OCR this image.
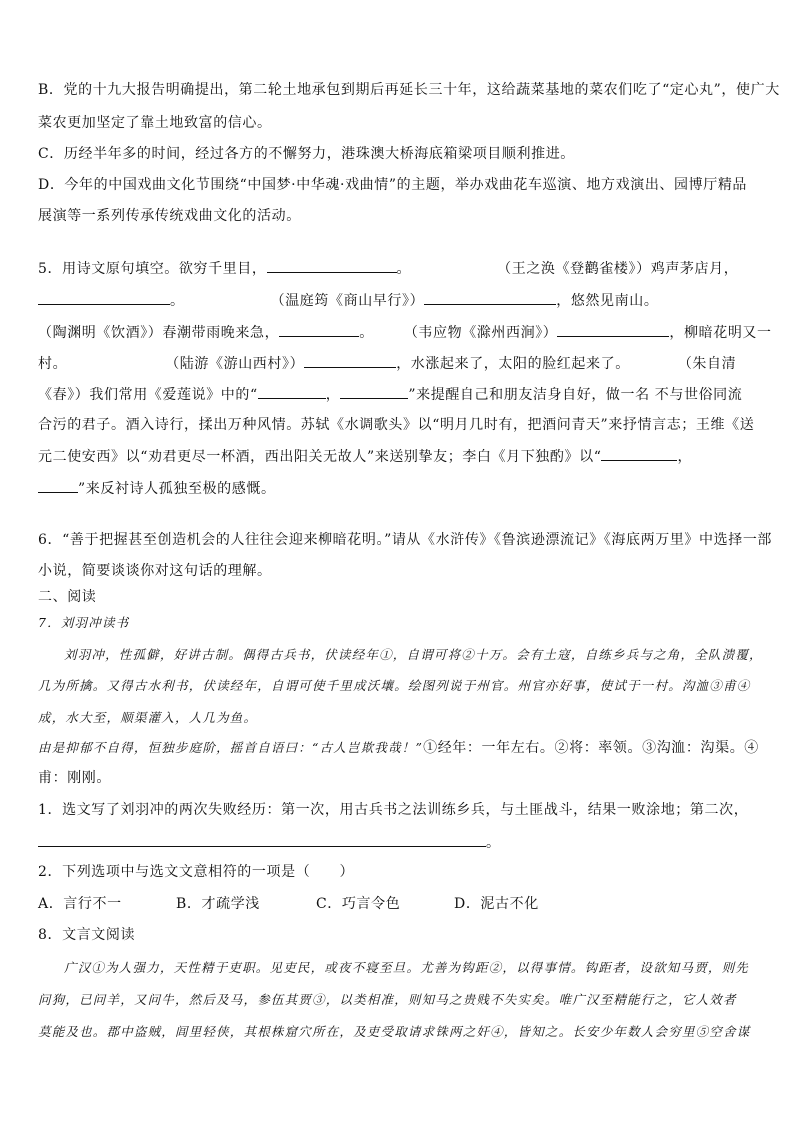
B．党的十九大报告明确提出，第二轮土地承包到期后再延长三十年，这给蔬菜基地的菜农们吃了“定心丸”，使广大
菜农更加坚定了靠土地致富的信心。
C．历经半年多的时间，经过各方的不懈努力，港珠澳大桥海底箱梁项目顺利推进。
D．今年的中国戏曲文化节围绕“中国梦·中华魂·戏曲情”的主题，举办戏曲花车巡演、地方戏演出、园博厅精品
展演等一系列传承传统戏曲文化的活动。
5．用诗文原句填空。欲穷千里目，	。	（王之涣《登鹳雀楼》）鸡声茅店月，
。	（温庭筠《商山早行》）	，悠然见南山。
（陶渊明《饮酒》）春潮带雨晚来急，	。 （韦应物《滁州西涧》）	，柳暗花明又一
村。	（陆游《游山西村》）	，水涨起来了，太阳的脸红起来了。	（朱自清
《春》）我们常用《爱莲说》中的“	，	”来提醒自己和朋友洁身自好，做一名 不与世俗同流
合污的君子。酒入诗行，揉出万种风情。苏轼《水调歌头》以“明月几时有，把酒问青天”来抒情言志；王维《送
元二使安西》以“劝君更尽一杯酒，西出阳关无故人”来送别挚友；李白《月下独酌》以“	，
”来反衬诗人孤独至极的感慨。
6．“善于把握甚至创造机会的人往往会迎来柳暗花明。”请从《水浒传》《鲁滨逊漂流记》《海底两万里》中选择一部
小说，简要谈谈你对这句话的理解。
二、阅读
7．刘羽冲读书
刘羽冲，性孤僻，好讲古制。偶得古兵书，伏读经年①，自谓可将②十万。会有土寇，自练乡兵与之角，全队溃覆，
几为所擒。又得古水利书，伏读经年，自谓可使千里成沃壤。绘图列说于州官。州官亦好事，使试于一村。沟洫③甫④
成，水大至，顺渠灌入，人几为鱼。
由是抑郁不自得，恒独步庭阶，摇首自语曰：“古人岂欺我哉！”①经年：一年左右。②将：率领。③沟洫：沟渠。④
甫：刚刚。
1．选文写了刘羽冲的两次失败经历：第一次，用古兵书之法训练乡兵，与土匪战斗，结果一败涂地；第二次，
。
2．下列选项中与选文文意相符的一项是（　　）
A．言行不一	B．才疏学浅	C．巧言令色	D．泥古不化
8．文言文阅读
广汉①为人强力，天性精于吏职。见吏民，或夜不寝至旦。尤善为钩距②，以得事情。钩距者，设欲知马贾，则先
问狗，已问羊，又问牛，然后及马，参伍其贾③，以类相准，则知马之贵贱不失实矣。唯广汉至精能行之，它人效者
莫能及也。郡中盗贼，闾里轻侠，其根株窟穴所在，及吏受取请求铢两之奸④，皆知之。长安少年数人会穷里⑤空舍谋
